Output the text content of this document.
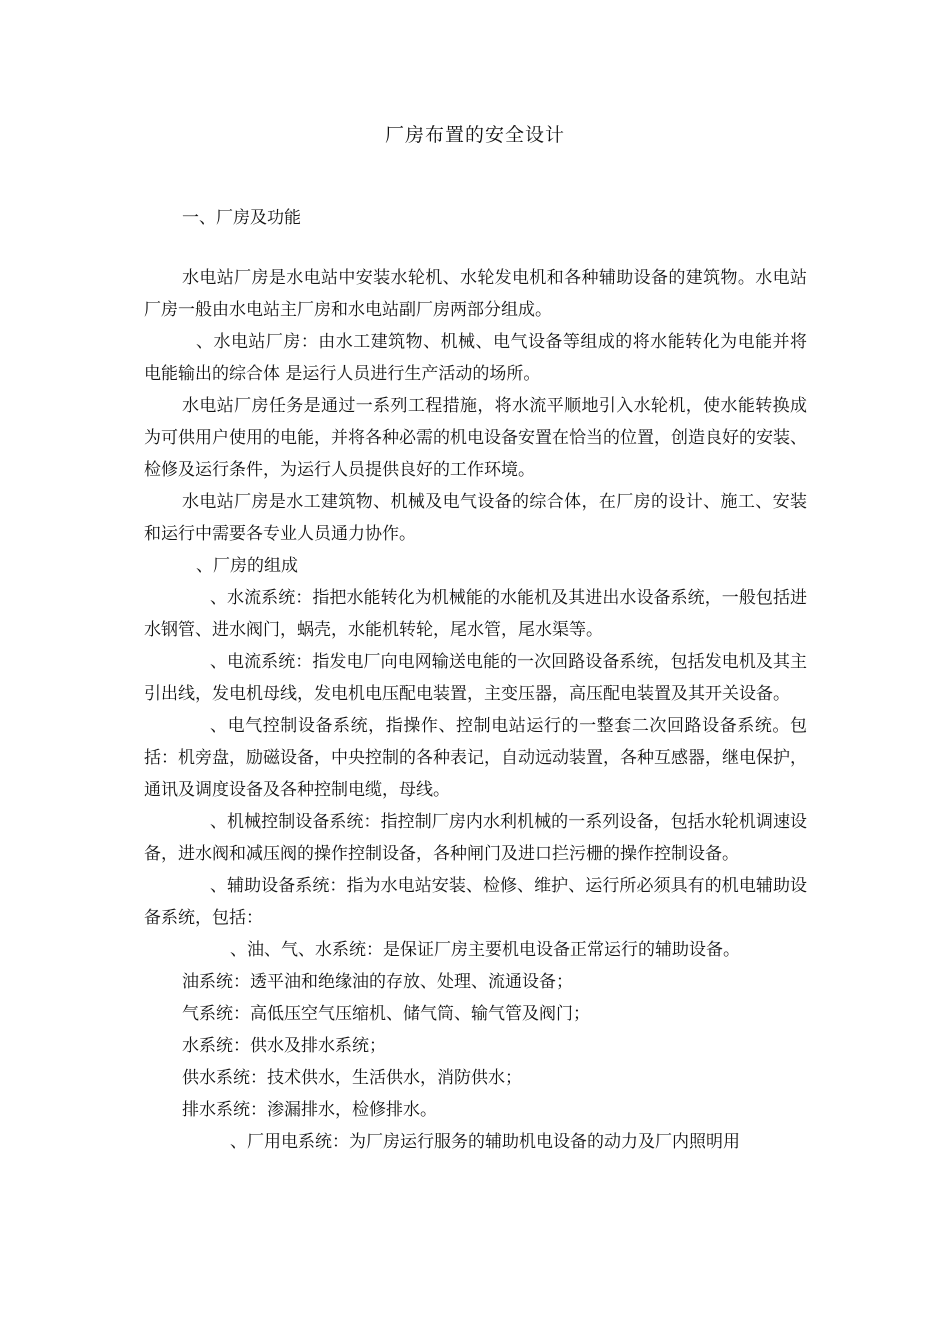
厂房布置的安全设计
一、厂房及功能

水电站厂房是水电站中安装水轮机、水轮发电机和各种辅助设备的建筑物。水电站厂房一般由水电站主厂房和水电站副厂房两部分组成。

、水电站厂房：由水工建筑物、机械、电气设备等组成的将水能转化为电能并将电能输出的综合体 是运行人员进行生产活动的场所。

水电站厂房任务是通过一系列工程措施，将水流平顺地引入水轮机，使水能转换成为可供用户使用的电能，并将各种必需的机电设备安置在恰当的位置，创造良好的安装、检修及运行条件，为运行人员提供良好的工作环境。

水电站厂房是水工建筑物、机械及电气设备的综合体，在厂房的设计、施工、安装和运行中需要各专业人员通力协作。

、厂房的组成

、水流系统：指把水能转化为机械能的水能机及其进出水设备系统，一般包括进水钢管、进水阀门，蜗壳，水能机转轮，尾水管，尾水渠等。

、电流系统：指发电厂向电网输送电能的一次回路设备系统，包括发电机及其主引出线，发电机母线，发电机电压配电装置，主变压器，高压配电装置及其开关设备。

、电气控制设备系统，指操作、控制电站运行的一整套二次回路设备系统。包括：机旁盘，励磁设备，中央控制的各种表记，自动远动装置，各种互感器，继电保护，通讯及调度设备及各种控制电缆，母线。

、机械控制设备系统：指控制厂房内水利机械的一系列设备，包括水轮机调速设备，进水阀和减压阀的操作控制设备，各种闸门及进口拦污栅的操作控制设备。

、辅助设备系统：指为水电站安装、检修、维护、运行所必须具有的机电辅助设备系统，包括：

、油、气、水系统：是保证厂房主要机电设备正常运行的辅助设备。

油系统：透平油和绝缘油的存放、处理、流通设备；

气系统：高低压空气压缩机、储气筒、输气管及阀门；

水系统：供水及排水系统；

供水系统：技术供水，生活供水，消防供水；

排水系统：渗漏排水，检修排水。

、厂用电系统：为厂房运行服务的辅助机电设备的动力及厂内照明用
